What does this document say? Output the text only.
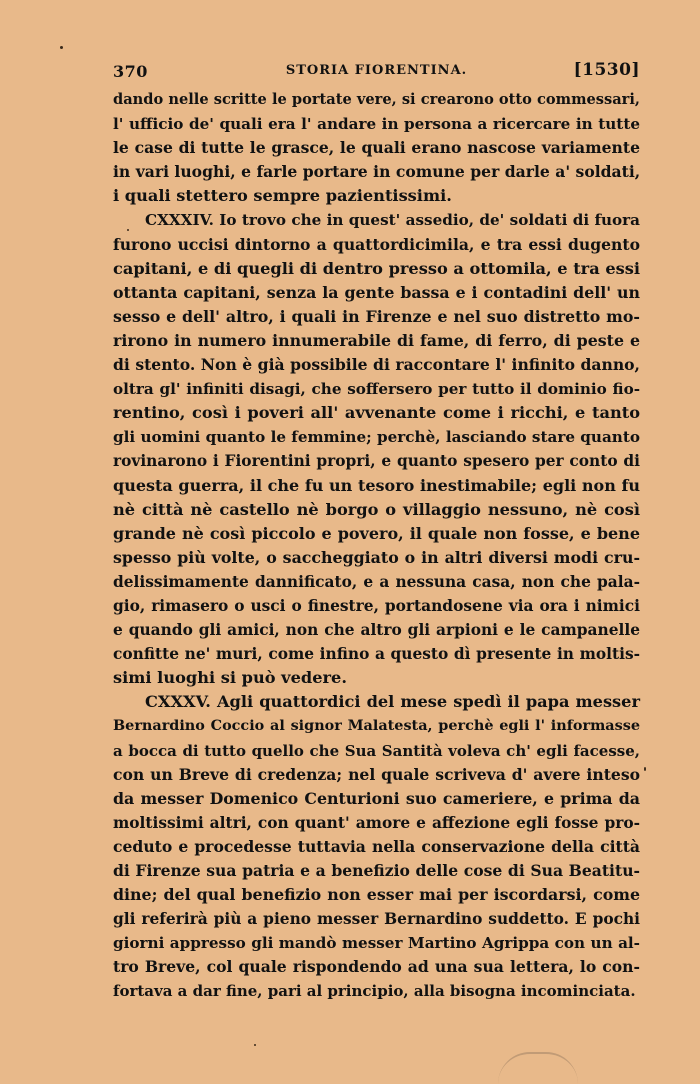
370	STORIA FIORENTINA.	[1530]
dando nelle scritte le portate vere, si crearono otto commessari,
l' ufficio de' quali era l' andare in persona a ricercare in tutte
le case di tutte le grasce, le quali erano nascose variamente
in vari luoghi, e farle portare in comune per darle a' soldati,
i quali stettero sempre pazientissimi.
CXXXIV. Io trovo che in quest' assedio, de' soldati di fuora
furono uccisi dintorno a quattordicimila, e tra essi dugento
capitani, e di quegli di dentro presso a ottomila, e tra essi
ottanta capitani, senza la gente bassa e i contadini dell' un
sesso e dell' altro, i quali in Firenze e nel suo distretto mo-
rirono in numero innumerabile di fame, di ferro, di peste e
di stento. Non è già possibile di raccontare l' infinito danno,
oltra gl' infiniti disagi, che soffersero per tutto il dominio fio-
rentino, così i poveri all' avvenante come i ricchi, e tanto
gli uomini quanto le femmine; perchè, lasciando stare quanto
rovinarono i Fiorentini propri, e quanto spesero per conto di
questa guerra, il che fu un tesoro inestimabile; egli non fu
nè città nè castello nè borgo o villaggio nessuno, nè così
grande nè così piccolo e povero, il quale non fosse, e bene
spesso più volte, o saccheggiato o in altri diversi modi cru-
delissimamente dannificato, e a nessuna casa, non che pala-
gio, rimasero o usci o finestre, portandosene via ora i nimici
e quando gli amici, non che altro gli arpioni e le campanelle
confitte ne' muri, come infino a questo dì presente in moltis-
simi luoghi si può vedere.
CXXXV. Agli quattordici del mese spedì il papa messer
Bernardino Coccio al signor Malatesta, perchè egli l' informasse
a bocca di tutto quello che Sua Santità voleva ch' egli facesse,
con un Breve di credenza; nel quale scriveva d' avere inteso
da messer Domenico Centurioni suo cameriere, e prima da
moltissimi altri, con quant' amore e affezione egli fosse pro-
ceduto e procedesse tuttavia nella conservazione della città
di Firenze sua patria e a benefizio delle cose di Sua Beatitu-
dine; del qual benefizio non esser mai per iscordarsi, come
gli referirà più a pieno messer Bernardino suddetto. E pochi
giorni appresso gli mandò messer Martino Agrippa con un al-
tro Breve, col quale rispondendo ad una sua lettera, lo con-
fortava a dar fine, pari al principio, alla bisogna incominciata.
